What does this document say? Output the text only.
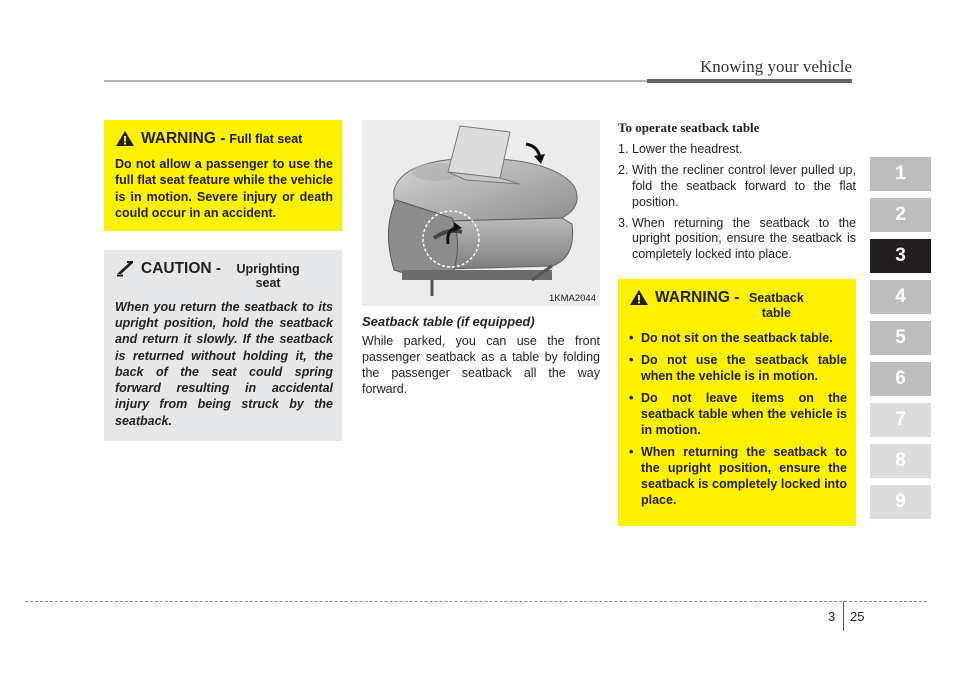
Knowing your vehicle
WARNING - Full flat seat
Do not allow a passenger to use the full flat seat feature while the vehicle is in motion. Severe injury or death could occur in an accident.
CAUTION -	Uprighting seat
When you return the seatback to its upright position, hold the seatback and return it slowly. If the seatback is returned without holding it, the back of the seat could spring forward resulting in accidental injury from being struck by the seatback.
1KMA2044
Seatback table (if equipped)
While parked, you can use the front passenger seatback as a table by folding the passenger seatback all the way forward.
To operate seatback table
1. Lower the headrest.
2. With the recliner control lever pulled up, fold the seatback forward to the flat position.
3. When returning the seatback to the upright position, ensure the seatback is completely locked into place.
WARNING - Seatback table
• Do not sit on the seatback table.
• Do not use the seatback table when the vehicle is in motion.
• Do not leave items on the seatback table when the vehicle is in motion.
• When returning the seatback to the upright position, ensure the seatback is completely locked into place.
1
2
3
4
5
6
7
8
9
3 25
